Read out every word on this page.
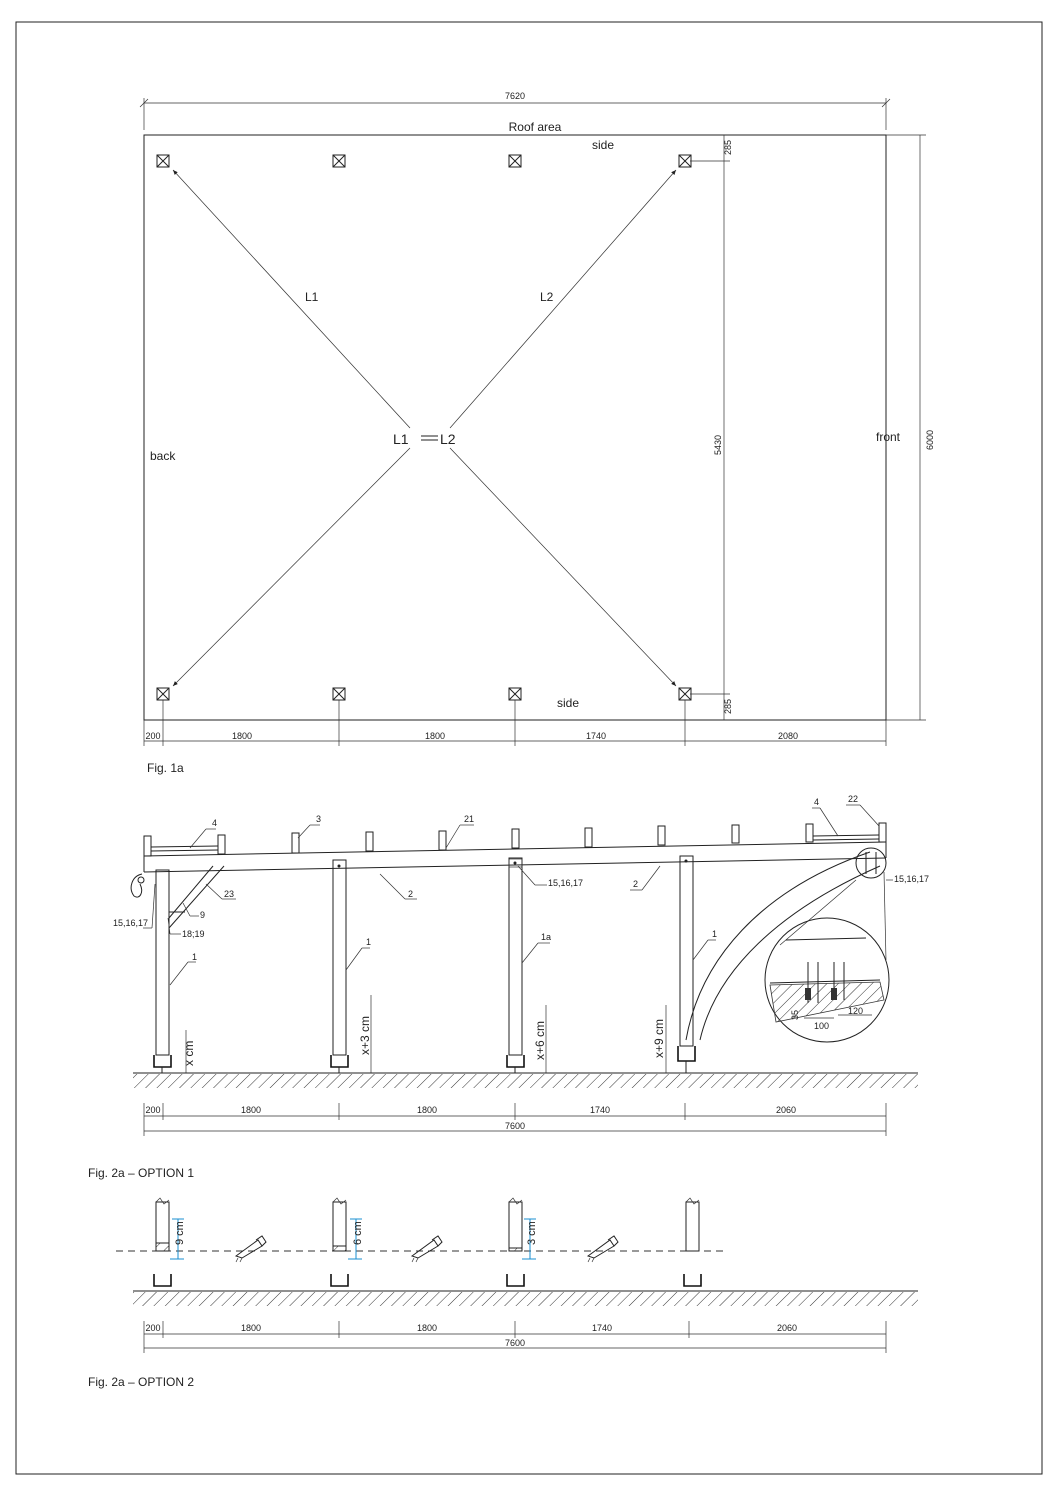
7620
Roof area
side
side
back
front
L1	L2
L1 L2
285
5430
285
6000
200	1800	1800	1740	2080
Fig. 1a
35
100
120
x cm	x+3 cm	x+6 cm	x+9 cm
4	3	21
4	22
23	2
2
15,16,17
15,16,17	15,16,17
9
18;19
1
1	1a	1
200	1800	1800	1740	2060
7600
Fig. 2a – OPTION 1
9 cm	6 cm	3 cm
200	1800	1800	1740	2060
7600
Fig. 2a – OPTION 2
